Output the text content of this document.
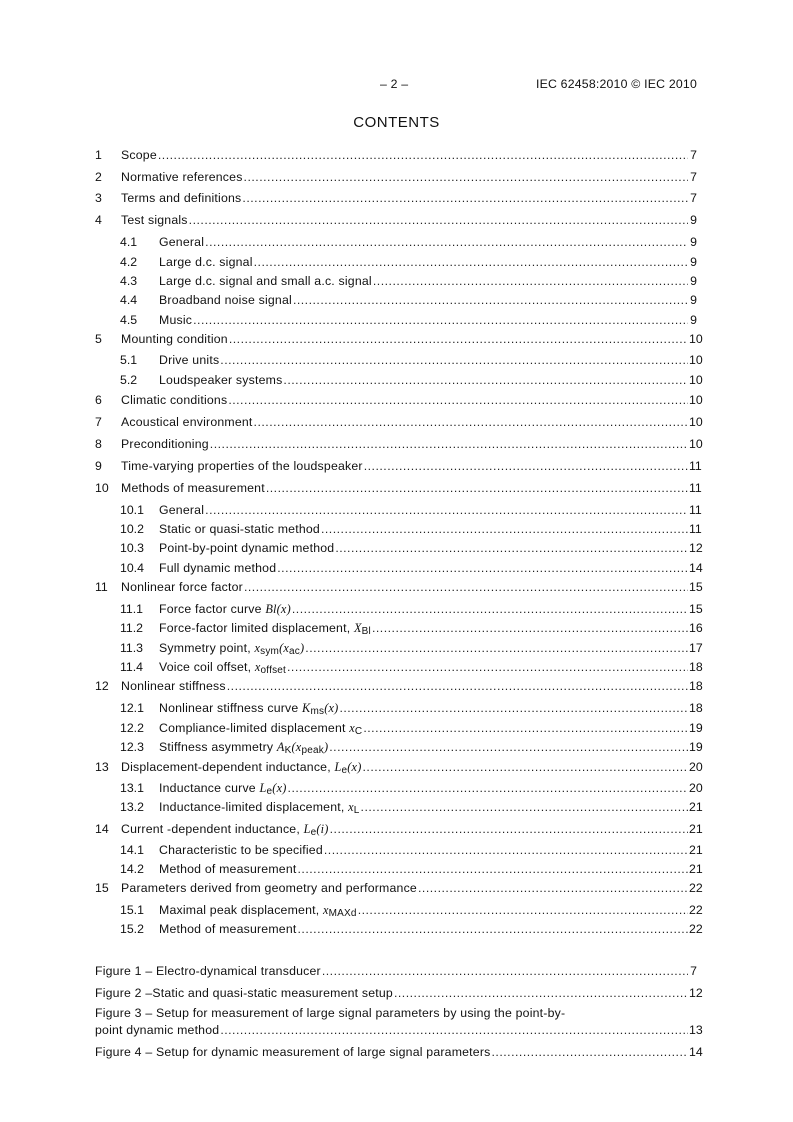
– 2 –	IEC 62458:2010 © IEC 2010
CONTENTS
1 Scope .....	7
2 Normative references .....	7
3 Terms and definitions .....	7
4 Test signals .....	9
4.1 General .....	9
4.2 Large d.c. signal .....	9
4.3 Large d.c. signal and small a.c. signal .....	9
4.4 Broadband noise signal .....	9
4.5 Music .....	9
5 Mounting condition .....	10
5.1 Drive units .....	10
5.2 Loudspeaker systems .....	10
6 Climatic conditions .....	10
7 Acoustical environment .....	10
8 Preconditioning .....	10
9 Time-varying properties of the loudspeaker .....	11
10 Methods of measurement .....	11
10.1 General .....	11
10.2 Static or quasi-static method .....	11
10.3 Point-by-point dynamic method .....	12
10.4 Full dynamic method .....	14
11 Nonlinear force factor .....	15
11.1 Force factor curve Bl(x) .....	15
11.2 Force-factor limited displacement, $X_{Bl}$ .....	16
11.3 Symmetry point, $x_{sym}(x_{ac})$ .....	17
11.4 Voice coil offset, $x_{offset}$ .....	18
12 Nonlinear stiffness .....	18
12.1 Nonlinear stiffness curve $K_{ms}(x)$ .....	18
12.2 Compliance-limited displacement $x_C$ .....	19
12.3 Stiffness asymmetry $A_K(x_{peak})$ .....	19
13 Displacement-dependent inductance, $L_e(x)$ .....	20
13.1 Inductance curve $L_e(x)$ .....	20
13.2 Inductance-limited displacement, $x_L$ .....	21
14 Current -dependent inductance, $L_e(i)$ .....	21
14.1 Characteristic to be specified .....	21
14.2 Method of measurement .....	21
15 Parameters derived from geometry and performance .....	22
15.1 Maximal peak displacement, $x_{MAXd}$ .....	22
15.2 Method of measurement .....	22
Figure 1 – Electro-dynamical transducer .....	7
Figure 2 –Static and quasi-static measurement setup .....	12
Figure 3 – Setup for measurement of large signal parameters by using the point-by-
point dynamic method .....	13
Figure 4 – Setup for dynamic measurement of large signal parameters .....	14
